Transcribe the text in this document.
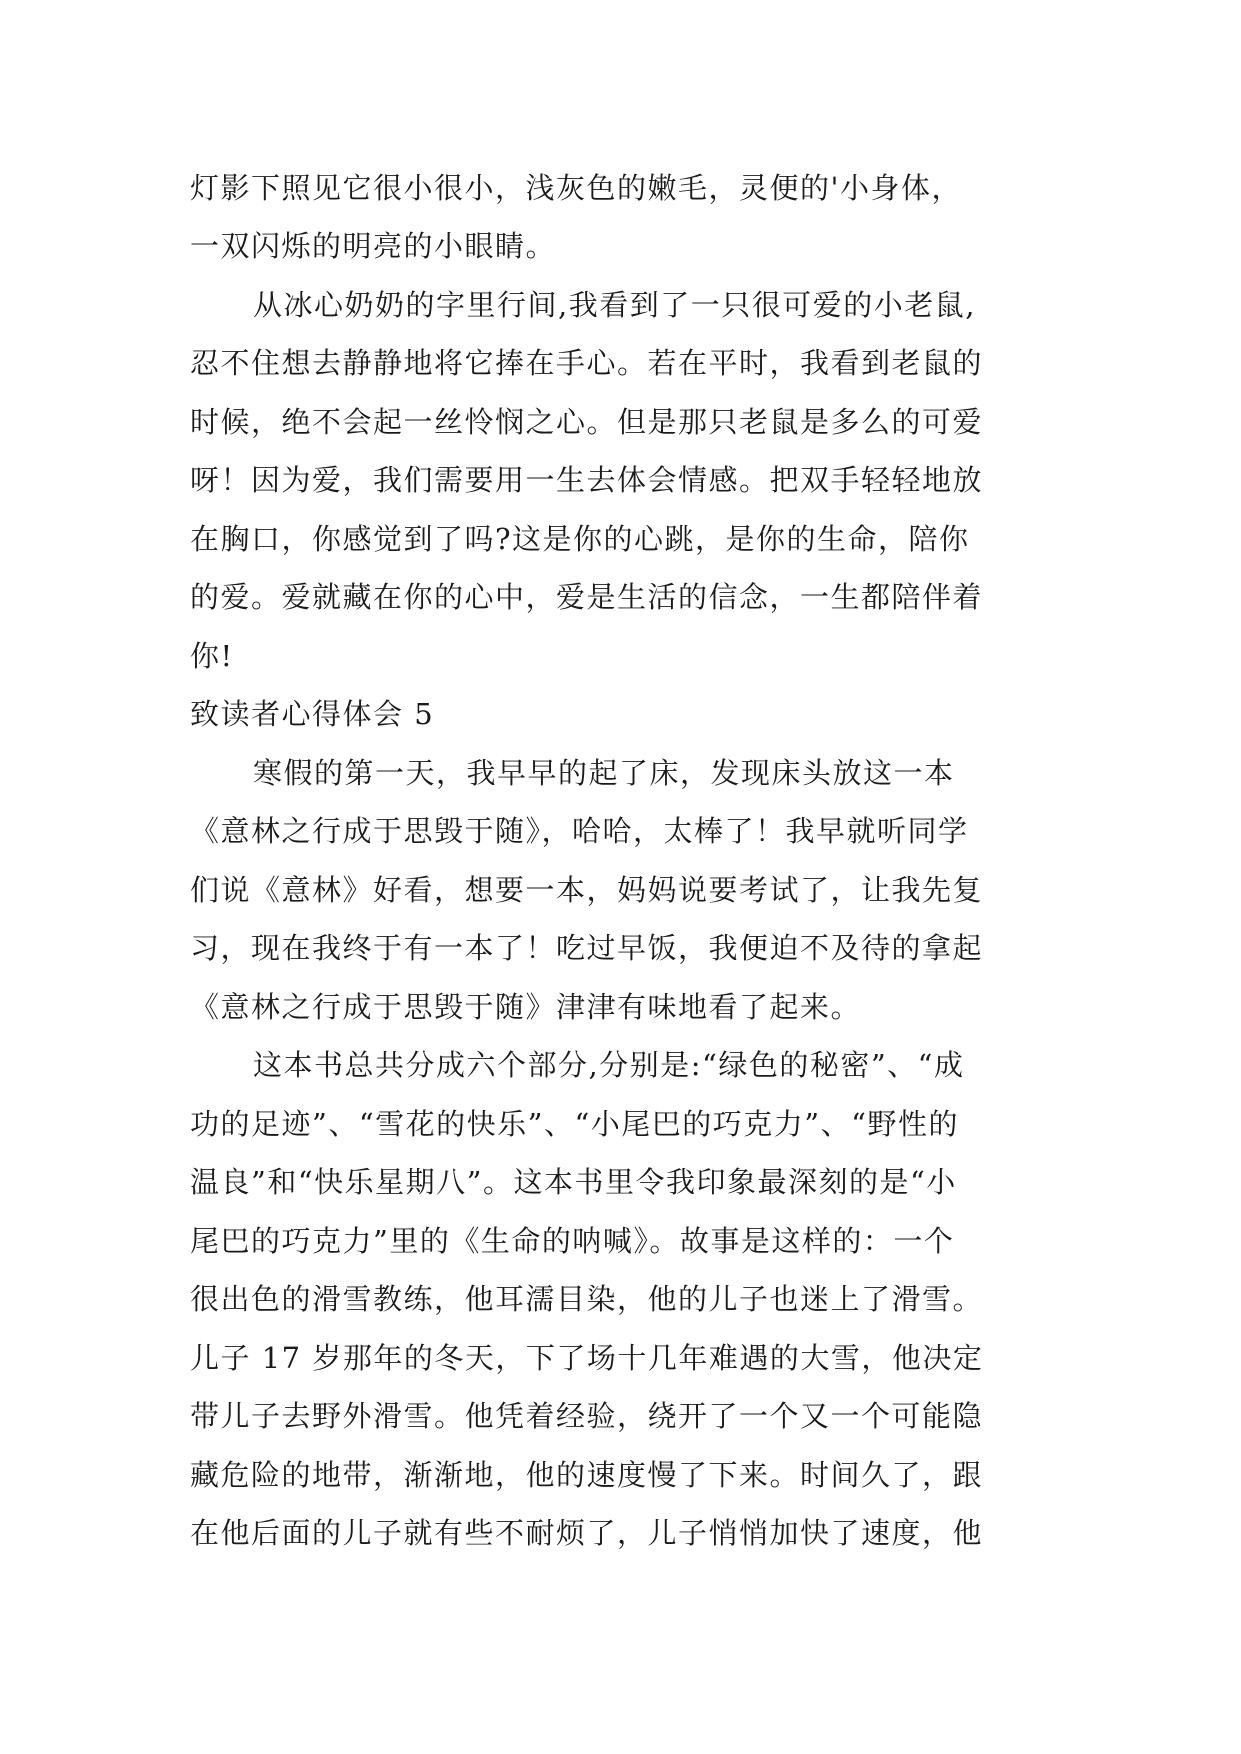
灯影下照见它很小很小，浅灰色的嫩毛，灵便的'小身体，
一双闪烁的明亮的小眼睛。
从冰心奶奶的字里行间,我看到了一只很可爱的小老鼠,
忍不住想去静静地将它捧在手心。若在平时，我看到老鼠的
时候，绝不会起一丝怜悯之心。但是那只老鼠是多么的可爱
呀！因为爱，我们需要用一生去体会情感。把双手轻轻地放
在胸口，你感觉到了吗?这是你的心跳，是你的生命，陪你
的爱。爱就藏在你的心中，爱是生活的信念，一生都陪伴着
你!
致读者心得体会 5
寒假的第一天，我早早的起了床，发现床头放这一本
《意林之行成于思毁于随》，哈哈，太棒了！我早就听同学
们说《意林》好看，想要一本，妈妈说要考试了，让我先复
习，现在我终于有一本了！吃过早饭，我便迫不及待的拿起
《意林之行成于思毁于随》津津有味地看了起来。
这本书总共分成六个部分,分别是:“绿色的秘密”、“成
功的足迹”、“雪花的快乐”、“小尾巴的巧克力”、“野性的
温良”和“快乐星期八”。这本书里令我印象最深刻的是“小
尾巴的巧克力”里的《生命的呐喊》。故事是这样的：一个
很出色的滑雪教练，他耳濡目染，他的儿子也迷上了滑雪。
儿子 17 岁那年的冬天，下了场十几年难遇的大雪，他决定
带儿子去野外滑雪。他凭着经验，绕开了一个又一个可能隐
藏危险的地带，渐渐地，他的速度慢了下来。时间久了，跟
在他后面的儿子就有些不耐烦了，儿子悄悄加快了速度，他
